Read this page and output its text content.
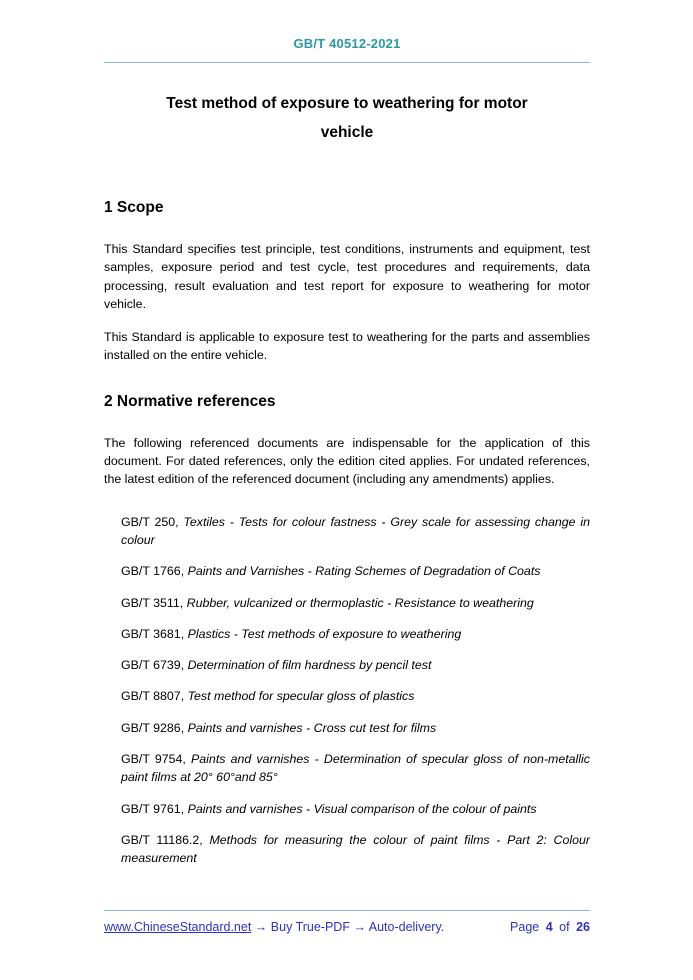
GB/T 40512-2021
Test method of exposure to weathering for motor
vehicle
1 Scope

This Standard specifies test principle, test conditions, instruments and equipment, test samples, exposure period and test cycle, test procedures and requirements, data processing, result evaluation and test report for exposure to weathering for motor vehicle.

This Standard is applicable to exposure test to weathering for the parts and assemblies installed on the entire vehicle.

2 Normative references

The following referenced documents are indispensable for the application of this document. For dated references, only the edition cited applies. For undated references, the latest edition of the referenced document (including any amendments) applies.

GB/T 250, Textiles - Tests for colour fastness - Grey scale for assessing change in colour

GB/T 1766, Paints and Varnishes - Rating Schemes of Degradation of Coats

GB/T 3511, Rubber, vulcanized or thermoplastic - Resistance to weathering

GB/T 3681, Plastics - Test methods of exposure to weathering

GB/T 6739, Determination of film hardness by pencil test

GB/T 8807, Test method for specular gloss of plastics

GB/T 9286, Paints and varnishes - Cross cut test for films

GB/T 9754, Paints and varnishes - Determination of specular gloss of non-metallic paint films at 20° 60°and 85°

GB/T 9761, Paints and varnishes - Visual comparison of the colour of paints

GB/T 11186.2, Methods for measuring the colour of paint films - Part 2: Colour measurement

www.ChineseStandard.net → Buy True-PDF → Auto-delivery.	Page 4 of 26
